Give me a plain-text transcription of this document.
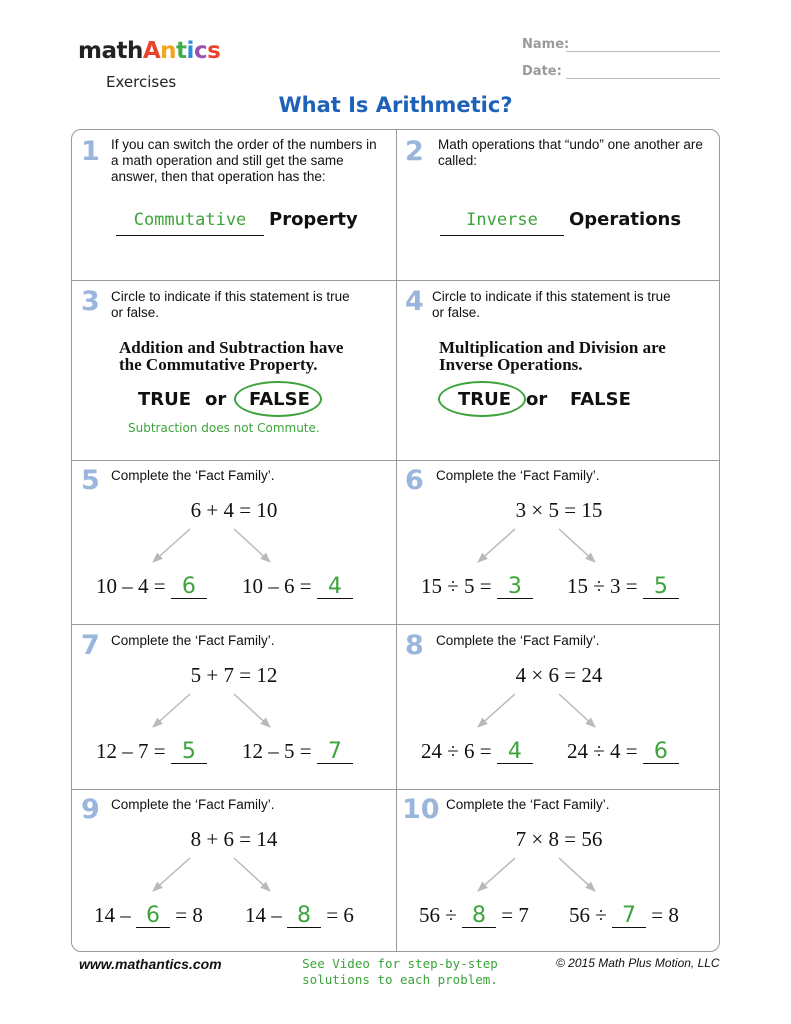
mathAntics
Exercises
Name:
Date:
What Is Arithmetic?
1 If you can switch the order of the numbers in a math operation and still get the same answer, then that operation has the:
Commutative	Property
2 Math operations that “undo” one another are called:
Inverse	Operations
3 Circle to indicate if this statement is true or false.
Addition and Subtraction have the Commutative Property.
TRUE or FALSE
Subtraction does not Commute.
4 Circle to indicate if this statement is true or false.
Multiplication and Division are Inverse Operations.
TRUE or FALSE
5 Complete the ‘Fact Family’.
6 + 4 = 10
10 – 4 = 6	10 – 6 = 4
6 Complete the ‘Fact Family’.
3 × 5 = 15
15 ÷ 5 = 3	15 ÷ 3 = 5
7 Complete the ‘Fact Family’.
5 + 7 = 12
12 – 7 = 5	12 – 5 = 7
8 Complete the ‘Fact Family’.
4 × 6 = 24
24 ÷ 6 = 4	24 ÷ 4 = 6
9 Complete the ‘Fact Family’.
8 + 6 = 14
14 – 6 = 8 14 – 8 = 6
10 Complete the ‘Fact Family’.
7 × 8 = 56
56 ÷ 8 = 7 56 ÷ 7 = 8
www.mathantics.com	See Video for step-by-step solutions to each problem.
© 2015 Math Plus Motion, LLC
